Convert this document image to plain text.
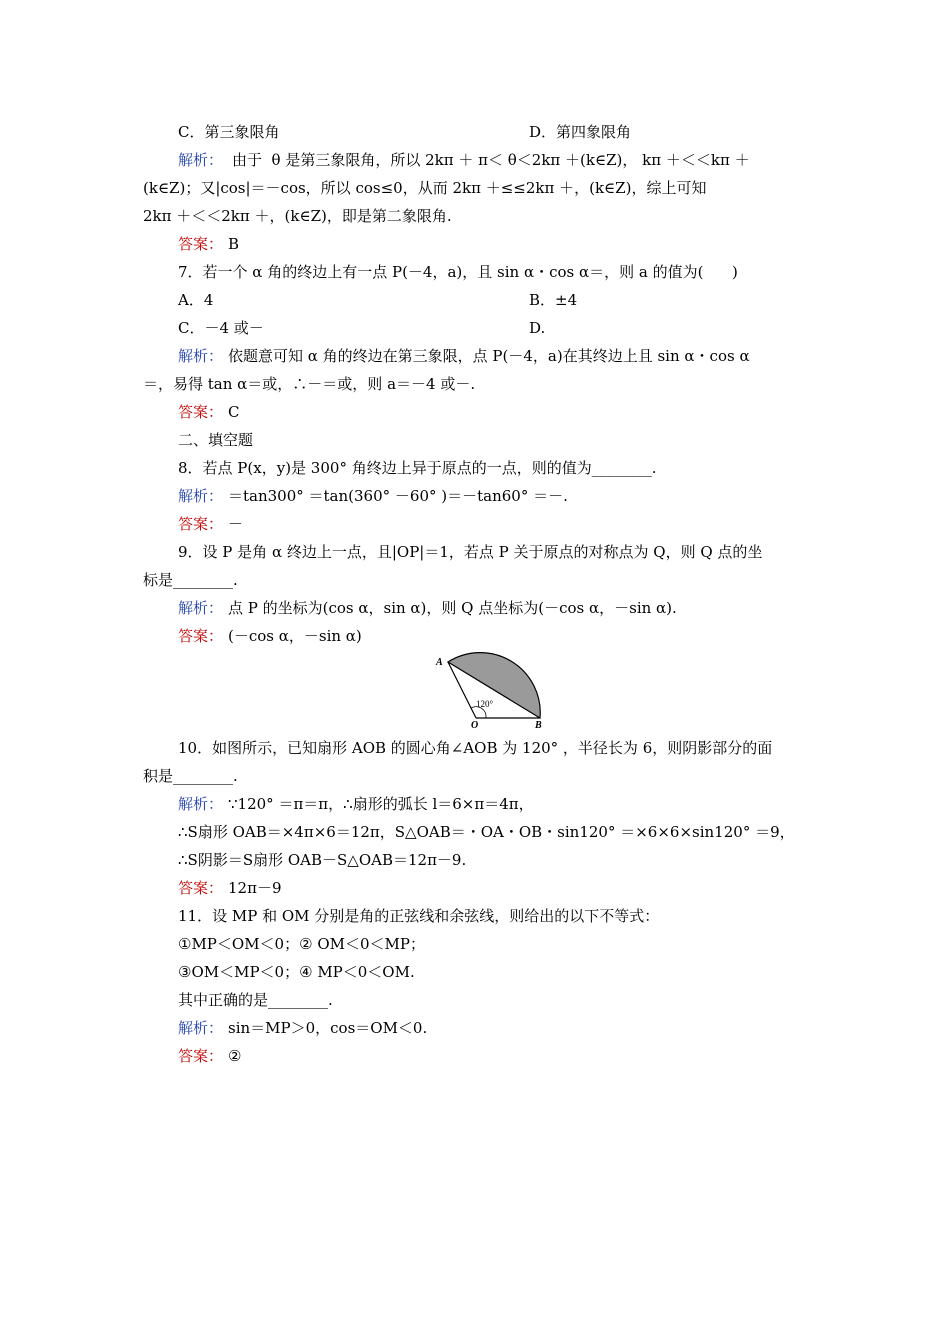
C．第三象限角

	D．第四象限角

解析：

由于  θ 是第三象限角，所以 2kπ ＋ π＜ θ＜2kπ ＋(k∈Z)， kπ ＋＜＜kπ ＋

(k∈Z)；又|cos|＝－cos，所以 cos≤0，从而 2kπ ＋≤≤2kπ ＋，(k∈Z)，综上可知

2kπ ＋＜＜2kπ ＋，(k∈Z)，即是第二象限角.

答案：

B

7．若一个 α 角的终边上有一点 P(－4，a)，且 sin α・cos α＝，则 a 的值为(      )

A．4

	B．±4

C．－4 或－

	D.

解析：

依题意可知 α 角的终边在第三象限，点 P(－4，a)在其终边上且 sin α・cos α

＝，易得 tan α＝或，∴－＝或，则 a＝－4 或－.

答案：

C

二、填空题

8．若点 P(x，y)是 300° 角终边上异于原点的一点，则的值为________.

解析：

＝tan300° ＝tan(360° －60° )＝－tan60° ＝－.

答案：

－

9．设 P 是角 α 终边上一点，且|OP|＝1，若点 P 关于原点的对称点为 Q，则 Q 点的坐

标是________.

解析：

点 P 的坐标为(cos α，sin α)，则 Q 点坐标为(－cos α，－sin α).

答案：

(－cos α，－sin α)

A
O	B
120°

10．如图所示，已知扇形 AOB 的圆心角∠AOB 为 120° ，半径长为 6，则阴影部分的面

积是________.

解析：

∵120° ＝π＝π，∴扇形的弧长 l＝6×π＝4π，

∴S扇形 OAB＝×4π×6＝12π，S△OAB＝・OA・OB・sin120° ＝×6×6×sin120° ＝9，

∴S阴影＝S扇形 OAB－S△OAB＝12π－9.

答案：

12π－9

11．设 MP 和 OM 分别是角的正弦线和余弦线，则给出的以下不等式：

①MP＜OM＜0；② OM＜0＜MP；

③OM＜MP＜0；④ MP＜0＜OM.

其中正确的是________.

解析：

sin＝MP＞0，cos＝OM＜0.

答案：

②
